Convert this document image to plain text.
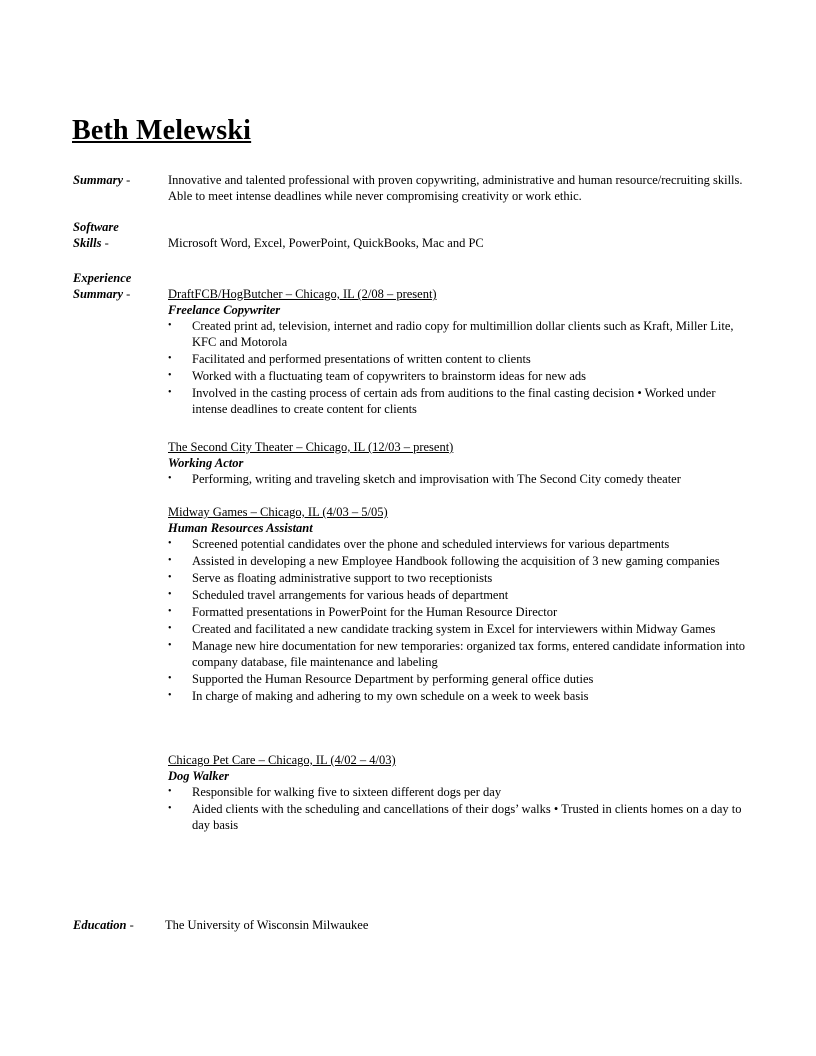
Beth Melewski
Summary -	Innovative and talented professional with proven copywriting, administrative and human resource/recruiting skills. Able to meet intense deadlines while never compromising creativity or work ethic.
Software
Skills -	Microsoft Word, Excel, PowerPoint, QuickBooks, Mac and PC
Experience
Summary -	DraftFCB/HogButcher – Chicago, IL (2/08 – present)
Freelance Copywriter
• Created print ad, television, internet and radio copy for multimillion dollar clients such as Kraft, Miller Lite, KFC and Motorola
• Facilitated and performed presentations of written content to clients
• Worked with a fluctuating team of copywriters to brainstorm ideas for new ads
• Involved in the casting process of certain ads from auditions to the final casting decision • Worked under intense deadlines to create content for clients
The Second City Theater – Chicago, IL (12/03 – present)
Working Actor
• Performing, writing and traveling sketch and improvisation with The Second City comedy theater
Midway Games – Chicago, IL (4/03 – 5/05)
Human Resources Assistant
• Screened potential candidates over the phone and scheduled interviews for various departments
• Assisted in developing a new Employee Handbook following the acquisition of 3 new gaming companies
• Serve as floating administrative support to two receptionists
• Scheduled travel arrangements for various heads of department
• Formatted presentations in PowerPoint for the Human Resource Director
• Created and facilitated a new candidate tracking system in Excel for interviewers within Midway Games
• Manage new hire documentation for new temporaries: organized tax forms, entered candidate information into company database, file maintenance and labeling
• Supported the Human Resource Department by performing general office duties
• In charge of making and adhering to my own schedule on a week to week basis
Chicago Pet Care – Chicago, IL (4/02 – 4/03)
Dog Walker
• Responsible for walking five to sixteen different dogs per day
• Aided clients with the scheduling and cancellations of their dogs’ walks • Trusted in clients homes on a day to day basis
Education - The University of Wisconsin Milwaukee
